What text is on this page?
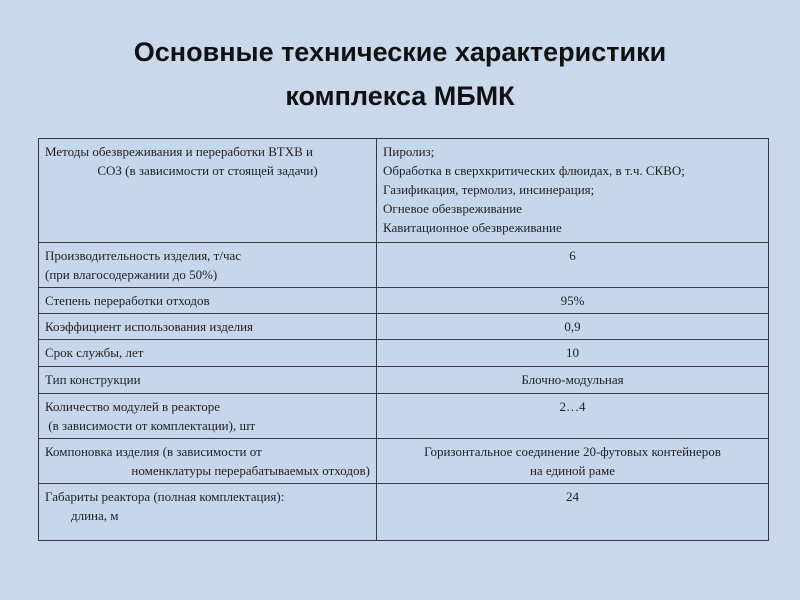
Основные технические характеристики
комплекса МБМК
Методы обезвреживания и переработки ВТХВ и
СОЗ (в зависимости от стоящей задачи)	Пиролиз;
Обработка в сверхкритических флюидах, в т.ч. СКВО;
Газификация, термолиз, инсинерация;
Огневое обезвреживание
Кавитационное обезвреживание

Производительность изделия, т/час
(при влагосодержании до 50%)	6
Степень переработки отходов	95%
Коэффициент использования изделия	0,9
Срок службы, лет	10
Тип конструкции	Блочно-модульная

Количество модулей в реакторе
(в зависимости от комплектации), шт	2…4

Компоновка изделия (в зависимости от
номенклатуры перерабатываемых отходов)	Горизонтальное соединение 20-футовых контейнеров
на единой раме

Габариты реактора (полная комплектация):
длина, м	24
